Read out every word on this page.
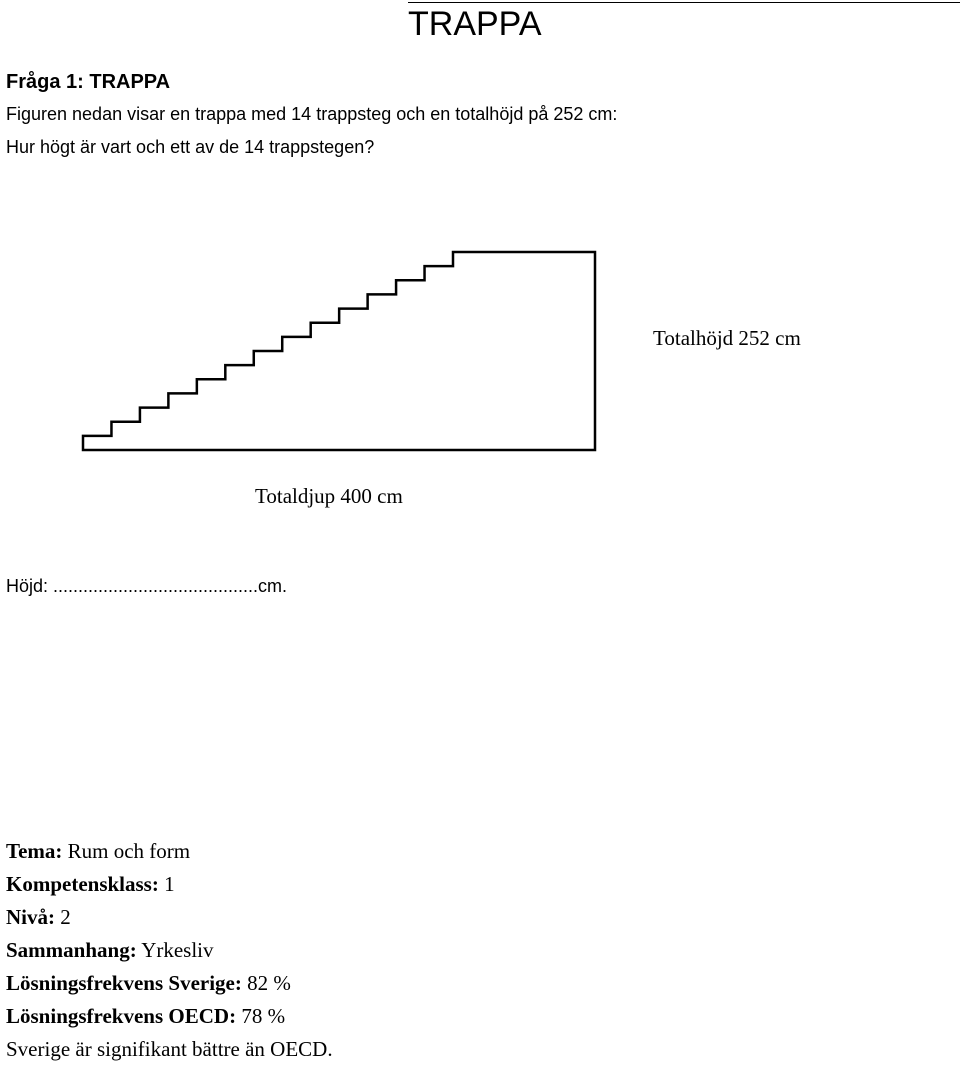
TRAPPA
Fråga 1: TRAPPA

Figuren nedan visar en trappa med 14 trappsteg och en totalhöjd på 252 cm:

Hur högt är vart och ett av de 14 trappstegen?

Totalhöjd 252 cm
Totaldjup 400 cm
Höjd: .........................................cm.
Tema: Rum och form
Kompetensklass: 1
Nivå: 2
Sammanhang: Yrkesliv
Lösningsfrekvens Sverige: 82 %
Lösningsfrekvens OECD: 78 %
Sverige är signifikant bättre än OECD.
